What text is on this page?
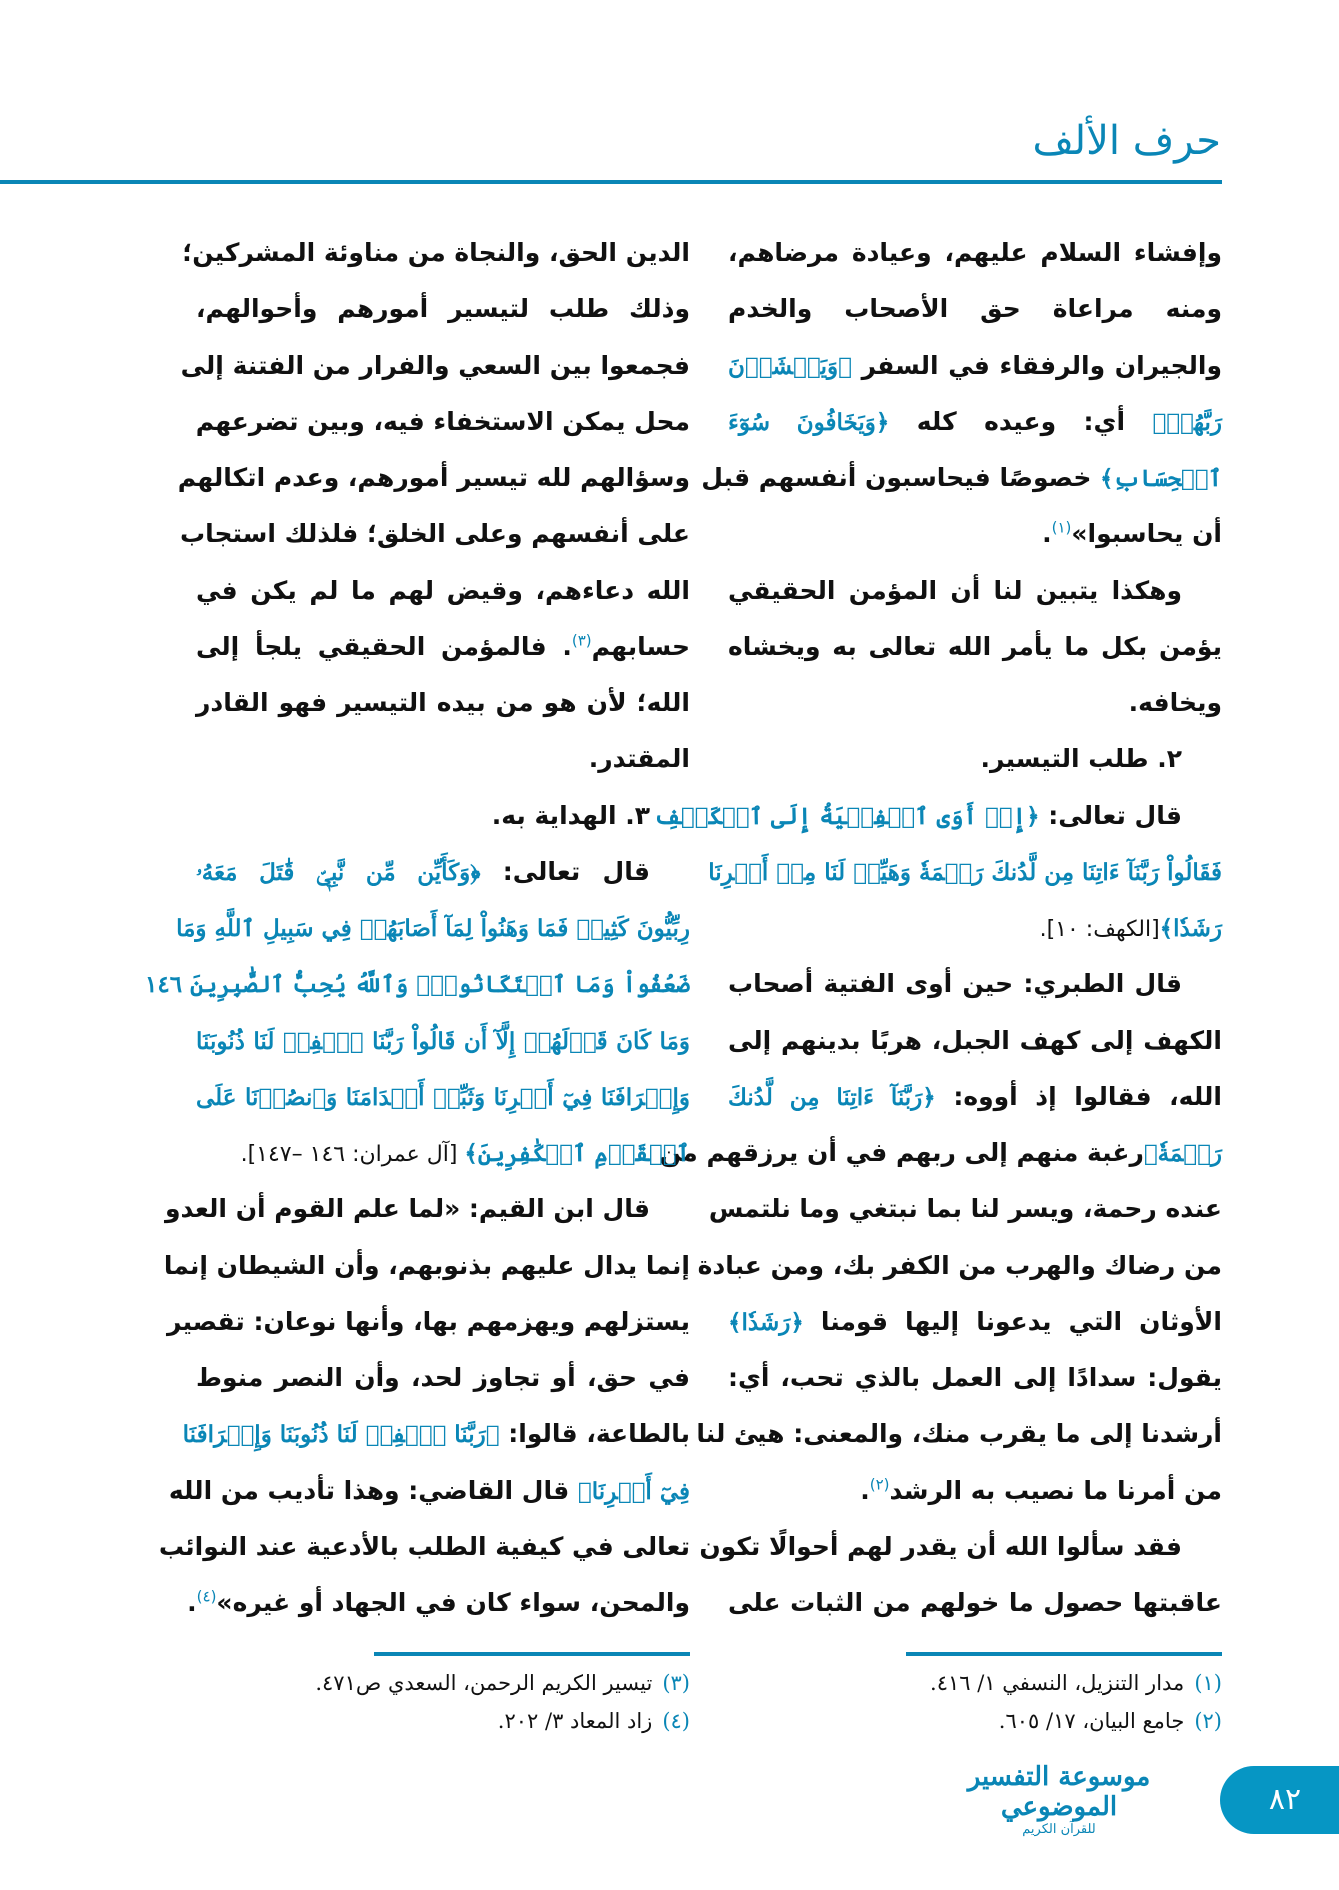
حرف الألف
وإفشاء السلام عليهم، وعيادة مرضاهم،
ومنه مراعاة حق الأصحاب والخدم
والجيران والرفقاء في السفر ﴿وَيَخۡشَوۡنَ
رَبَّهُمۡ﴾ أي: وعيده كله ﴿وَيَخَافُونَ سُوٓءَ
ٱلۡحِسَابِ﴾ خصوصًا فيحاسبون أنفسهم قبل
أن يحاسبوا»$^{(١)}$.
وهكذا يتبين لنا أن المؤمن الحقيقي
يؤمن بكل ما يأمر الله تعالى به ويخشاه
ويخافه.
٢. طلب التيسير.
قال تعالى: ﴿إِذۡ أَوَى ٱلۡفِتۡيَةُ إِلَى ٱلۡكَهۡفِ
فَقَالُواْ رَبَّنَآ ءَاتِنَا مِن لَّدُنكَ رَحۡمَةٗ وَهَيِّئۡ لَنَا مِنۡ أَمۡرِنَا
رَشَدٗا﴾[الكهف: ١٠].
قال الطبري: حين أوى الفتية أصحاب
الكهف إلى كهف الجبل، هربًا بدينهم إلى
الله، فقالوا إذ أووه: ﴿رَبَّنَآ ءَاتِنَا مِن لَّدُنكَ
رَحۡمَةٗ﴾رغبة منهم إلى ربهم في أن يرزقهم من
عنده رحمة، ويسر لنا بما نبتغي وما نلتمس
من رضاك والهرب من الكفر بك، ومن عبادة
الأوثان التي يدعونا إليها قومنا ﴿رَشَدٗا﴾
يقول: سدادًا إلى العمل بالذي تحب، أي:
أرشدنا إلى ما يقرب منك، والمعنى: هيئ لنا
من أمرنا ما نصيب به الرشد$^{(٢)}$.
فقد سألوا الله أن يقدر لهم أحوالًا تكون
عاقبتها حصول ما خولهم من الثبات على
الدين الحق، والنجاة من مناوئة المشركين؛
وذلك طلب لتيسير أمورهم وأحوالهم،
فجمعوا بين السعي والفرار من الفتنة إلى
محل يمكن الاستخفاء فيه، وبين تضرعهم
وسؤالهم لله تيسير أمورهم، وعدم اتكالهم
على أنفسهم وعلى الخلق؛ فلذلك استجاب
الله دعاءهم، وقيض لهم ما لم يكن في
حسابهم$^{(٣)}$. فالمؤمن الحقيقي يلجأ إلى
الله؛ لأن هو من بيده التيسير فهو القادر
المقتدر.
٣. الهداية به.
قال تعالى: ﴿وَكَأَيِّن مِّن نَّبِيّٖ قَٰتَلَ مَعَهُۥ
رِبِّيُّونَ كَثِيرٞ فَمَا وَهَنُواْ لِمَآ أَصَابَهُمۡ فِي سَبِيلِ ٱللَّهِ وَمَا
ضَعُفُواْ وَمَا ٱسۡتَكَانُواْۗ وَٱللَّهُ يُحِبُّ ٱلصَّٰبِرِينَ ١٤٦
وَمَا كَانَ قَوۡلَهُمۡ إِلَّآ أَن قَالُواْ رَبَّنَا ٱغۡفِرۡ لَنَا ذُنُوبَنَا
وَإِسۡرَافَنَا فِيٓ أَمۡرِنَا وَثَبِّتۡ أَقۡدَامَنَا وَٱنصُرۡنَا عَلَى
ٱلۡقَوۡمِ ٱلۡكَٰفِرِينَ﴾ [آل عمران: ١٤٦ –١٤٧].
قال ابن القيم: «لما علم القوم أن العدو
إنما يدال عليهم بذنوبهم، وأن الشيطان إنما
يستزلهم ويهزمهم بها، وأنها نوعان: تقصير
في حق، أو تجاوز لحد، وأن النصر منوط
بالطاعة، قالوا: ﴿رَبَّنَا ٱغۡفِرۡ لَنَا ذُنُوبَنَا وَإِسۡرَافَنَا
فِيٓ أَمۡرِنَا﴾ قال القاضي: وهذا تأديب من الله
تعالى في كيفية الطلب بالأدعية عند النوائب
والمحن، سواء كان في الجهاد أو غيره»$^{(٤)}$.
(١)مدار التنزيل، النسفي ١/ ٤١٦.
(٢)جامع البيان، ١٧/ ٦٠٥.
(٣)تيسير الكريم الرحمن، السعدي ص٤٧١.
(٤)زاد المعاد ٣/ ٢٠٢.
موسوعة التفسير الموضوعي
للقرآن الكريم
٨٢
